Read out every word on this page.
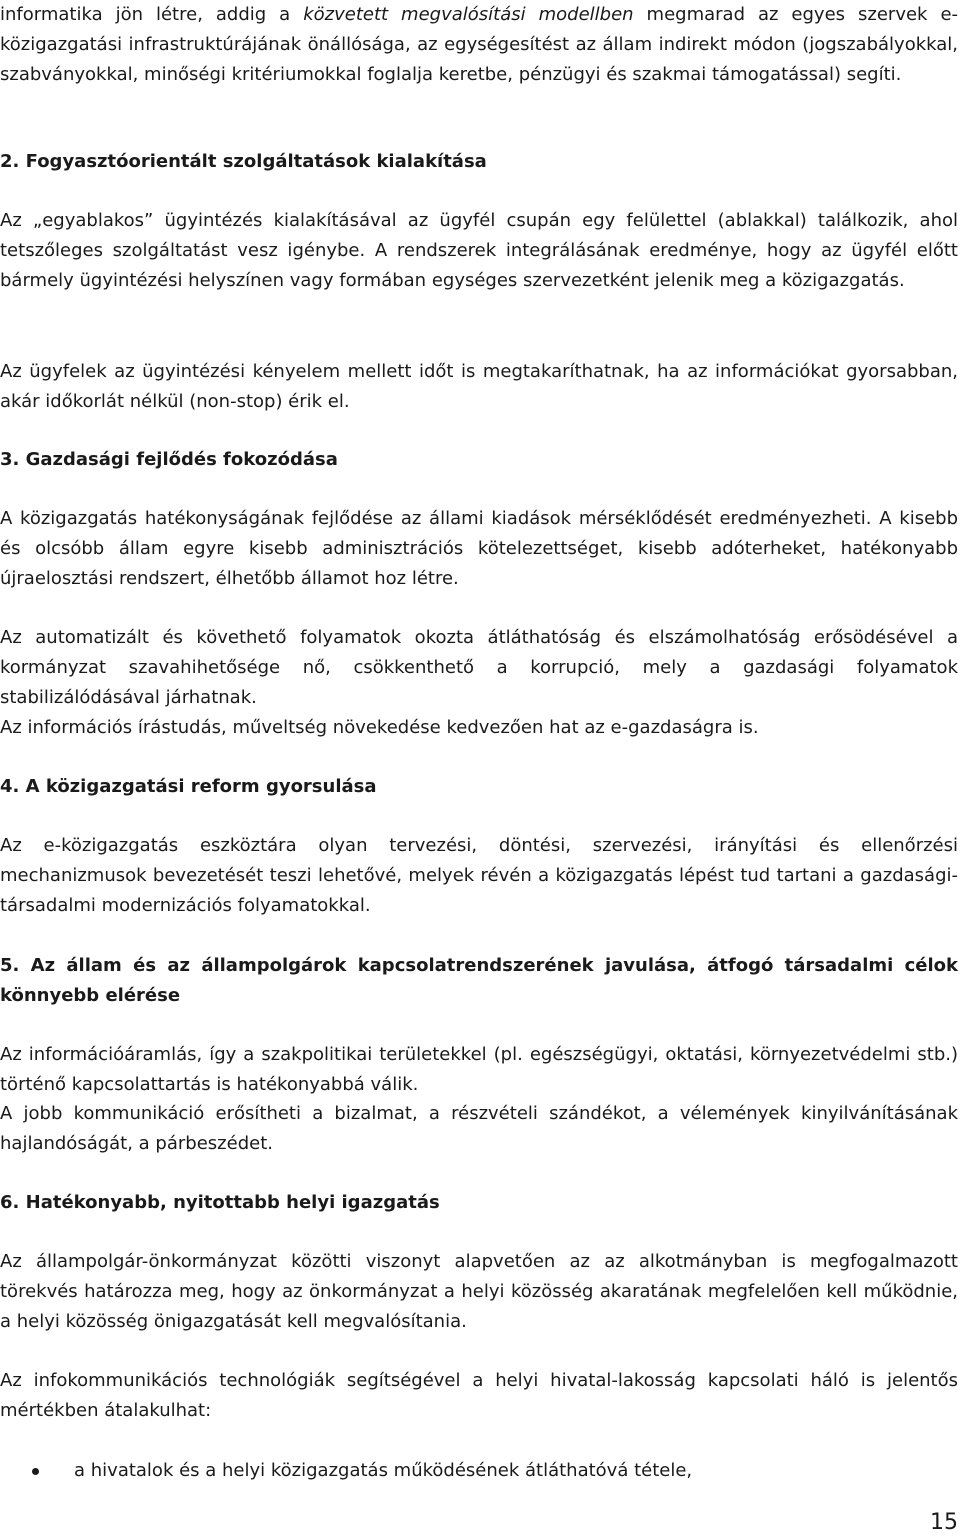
informatika jön létre, addig a közvetett megvalósítási modellben megmarad az egyes szervek e-közigazgatási infrastruktúrájának önállósága, az egységesítést az állam indirekt módon (jogszabályokkal, szabványokkal, minőségi kritériumokkal foglalja keretbe, pénzügyi és szakmai támogatással) segíti.

2. Fogyasztóorientált szolgáltatások kialakítása

Az „egyablakos” ügyintézés kialakításával az ügyfél csupán egy felülettel (ablakkal) találkozik, ahol tetszőleges szolgáltatást vesz igénybe. A rendszerek integrálásának eredménye, hogy az ügyfél előtt bármely ügyintézési helyszínen vagy formában egységes szervezetként jelenik meg a közigazgatás.

Az ügyfelek az ügyintézési kényelem mellett időt is megtakaríthatnak, ha az információkat gyorsabban, akár időkorlát nélkül (non-stop) érik el.

3. Gazdasági fejlődés fokozódása

A közigazgatás hatékonyságának fejlődése az állami kiadások mérséklődését eredményezheti. A kisebb és olcsóbb állam egyre kisebb adminisztrációs kötelezettséget, kisebb adóterheket, hatékonyabb újraelosztási rendszert, élhetőbb államot hoz létre.

Az automatizált és követhető folyamatok okozta átláthatóság és elszámolhatóság erősödésével a kormányzat szavahihetősége nő, csökkenthető a korrupció, mely a gazdasági folyamatok stabilizálódásával járhatnak.

Az információs írástudás, műveltség növekedése kedvezően hat az e-gazdaságra is.

4. A közigazgatási reform gyorsulása

Az e-közigazgatás eszköztára olyan tervezési, döntési, szervezési, irányítási és ellenőrzési mechanizmusok bevezetését teszi lehetővé, melyek révén a közigazgatás lépést tud tartani a gazdasági-társadalmi modernizációs folyamatokkal.

5. Az állam és az állampolgárok kapcsolatrendszerének javulása, átfogó társadalmi célok könnyebb elérése

Az információáramlás, így a szakpolitikai területekkel (pl. egészségügyi, oktatási, környezetvédelmi stb.) történő kapcsolattartás is hatékonyabbá válik.

A jobb kommunikáció erősítheti a bizalmat, a részvételi szándékot, a vélemények kinyilvánításának hajlandóságát, a párbeszédet.

6. Hatékonyabb, nyitottabb helyi igazgatás

Az állampolgár-önkormányzat közötti viszonyt alapvetően az az alkotmányban is megfogalmazott törekvés határozza meg, hogy az önkormányzat a helyi közösség akaratának megfelelően kell működnie, a helyi közösség önigazgatását kell megvalósítania.

Az infokommunikációs technológiák segítségével a helyi hivatal-lakosság kapcsolati háló is jelentős mértékben átalakulhat:

a hivatalok és a helyi közigazgatás működésének átláthatóvá tétele,
15
